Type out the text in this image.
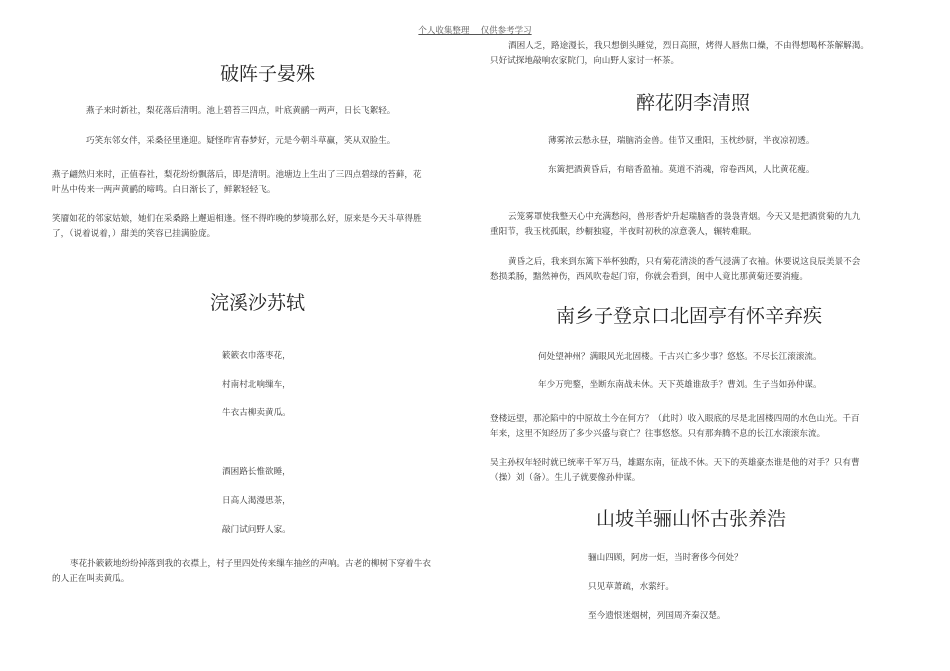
个人收集整理 　仅供参考学习
破阵子晏殊
燕子来时新社，梨花落后清明。池上碧苔三四点，叶底黄鹂一两声，日长飞絮轻。
巧笑东邻女伴，采桑径里逢迎。疑怪昨宵春梦好，元是今朝斗草赢，笑从双脸生。
燕子翩然归来时，正值春社，梨花纷纷飘落后，即是清明。池塘边上生出了三四点碧绿的苔藓，花叶丛中传来一两声黄鹂的啼鸣。白日渐长了，鲜絮轻轻飞。
笑靥如花的邻家姑娘，她们在采桑路上邂逅相逢。怪不得昨晚的梦境那么好，原来是今天斗草得胜了，（说着说着，）甜美的笑容已挂满脸庞。
浣溪沙苏轼
簌簌衣巾落枣花，
村南村北响缫车，
牛衣古柳卖黄瓜。
酒困路长惟欲睡，
日高人渴漫思茶，
敲门试问野人家。
枣花扑簌簌地纷纷掉落到我的衣襟上，村子里四处传来缫车抽丝的声响。古老的柳树下穿着牛衣的人正在叫卖黄瓜。
酒困人乏，路途漫长，我只想倒头睡觉，烈日高照，烤得人唇焦口燥，不由得想喝杯茶解解渴。只好试探地敲响农家院门，向山野人家讨一杯茶。
醉花阴李清照
薄雾浓云愁永昼，瑞脑消金兽。佳节又重阳，玉枕纱厨，半夜凉初透。
东篱把酒黄昏后，有暗香盈袖。莫道不消魂，帘卷西风，人比黄花瘦。
云笼雾罩使我整天心中充满愁闷，兽形香炉升起瑞脑香的袅袅青烟。今天又是把酒赏菊的九九重阳节，我玉枕孤眠，纱橱独寝，半夜时初秋的凉意袭人，辗转难眠。
黄昏之后，我来到东篱下举杯独酌，只有菊花清淡的香气浸满了衣袖。休要说这良辰美景不会愁损柔肠，黯然神伤，西风吹卷起门帘，你就会看到，闺中人竟比那黄菊还要消瘦。
南乡子登京口北固亭有怀辛弃疾
何处望神州？满眼风光北固楼。千古兴亡多少事？悠悠。不尽长江滚滚流。
年少万兜鍪，坐断东南战未休。天下英雄谁敌手？曹刘。生子当如孙仲谋。
登楼远望，那沦陷中的中原故土今在何方？（此时）收入眼底的尽是北固楼四周的水色山光。千百年来，这里不知经历了多少兴盛与衰亡？往事悠悠。只有那奔腾不息的长江水滚滚东流。
吴主孙权年轻时就已统率千军万马，雄踞东南，征战不休。天下的英雄豪杰谁是他的对手？只有曹（操）刘（备）。生儿子就要像孙仲谋。
山坡羊骊山怀古张养浩
骊山四顾，阿房一炬，当时奢侈今何处？
只见草萧疏，水萦纡。
至今遗恨迷烟树，列国周齐秦汉楚。
